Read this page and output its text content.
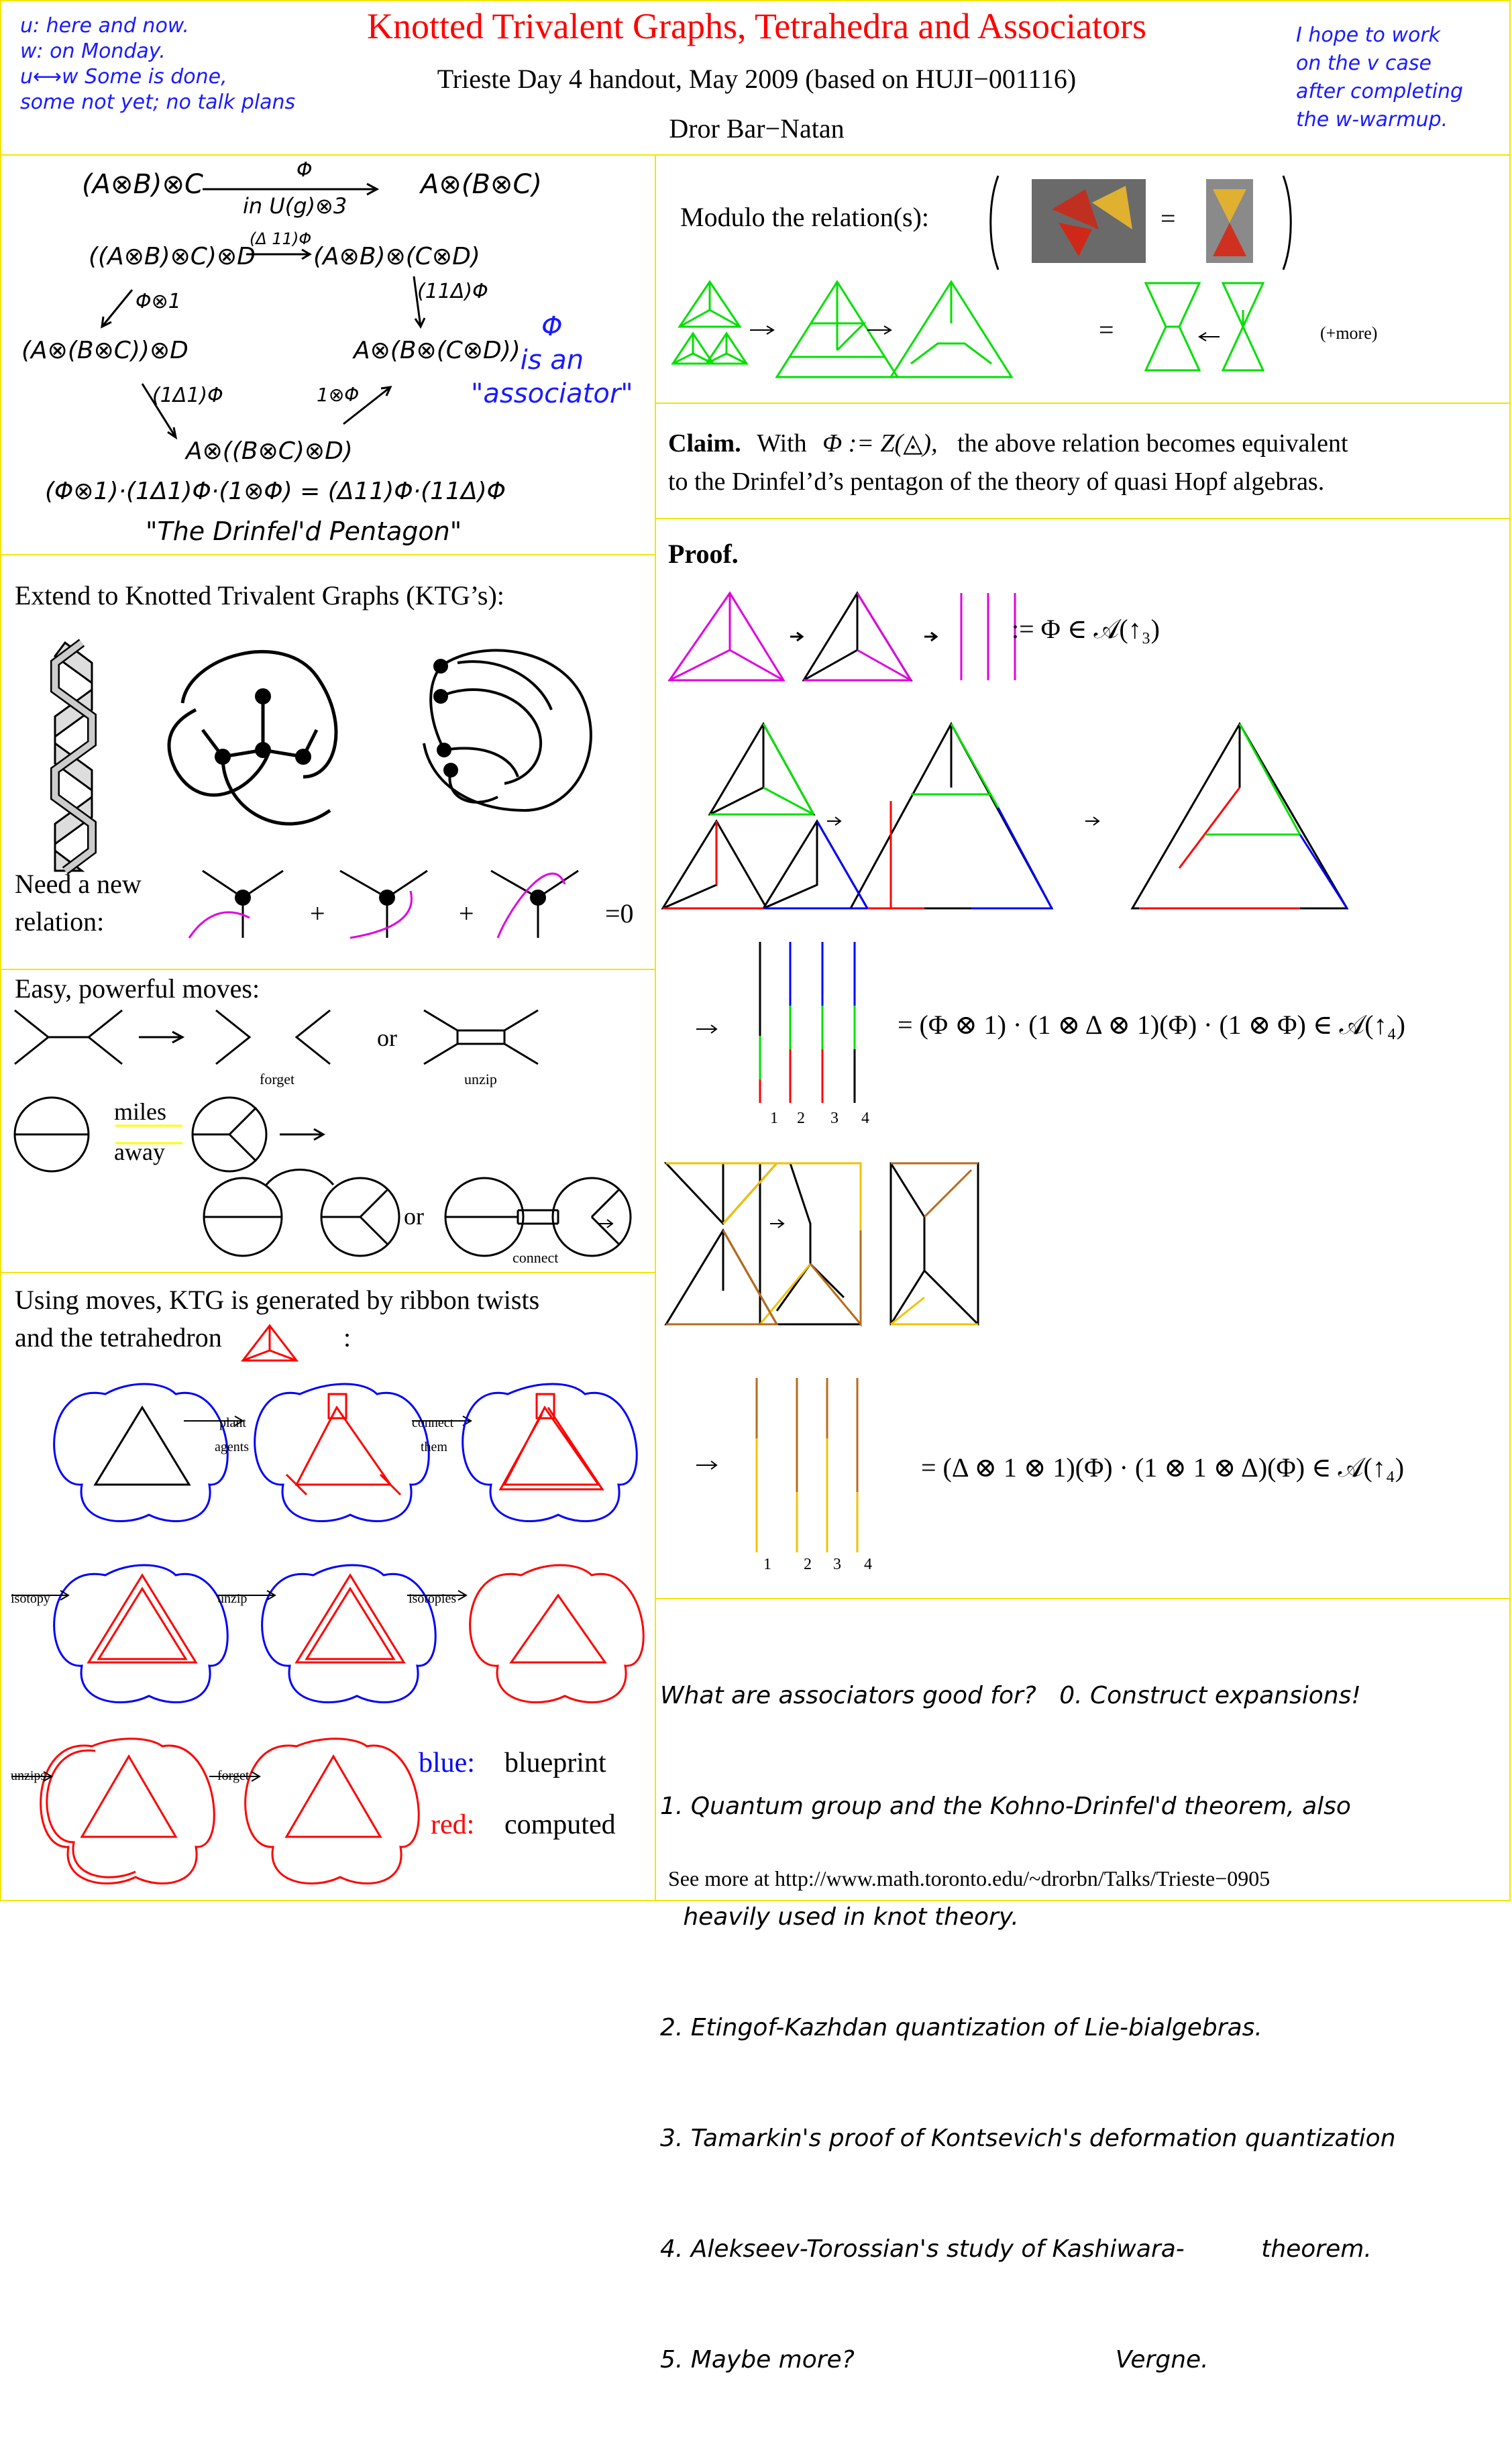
u: here and now.
w: on Monday.
u⟷w Some is done,
some not yet; no talk plans
Knotted Trivalent Graphs, Tetrahedra and Associators
Trieste Day 4 handout, May 2009 (based on HUJI−001116)
Dror Bar−Natan
I hope to work
on the v case
after completing
the w-warmup.
(A⊗B)⊗C	Φ
in U(g)⊗3
A⊗(B⊗C)
((A⊗B)⊗C)⊗D
(Δ 11)Φ
(A⊗B)⊗(C⊗D)
Φ⊗1	(11Δ)Φ
(A⊗(B⊗C))⊗D	A⊗(B⊗(C⊗D))
(1Δ1)Φ	1⊗Φ
A⊗((B⊗C)⊗D)
(Φ⊗1)·(1Δ1)Φ·(1⊗Φ) = (Δ11)Φ·(11Δ)Φ
"The Drinfel'd Pentagon"
Φ
is an
"associator"
Extend to Knotted Trivalent Graphs (KTG’s):
Need a new
relation:	+	+	=0
Easy, powerful moves:
or
forget	unzip
miles
away
or
connect
Using moves, KTG is generated by ribbon twists
and the tetrahedron	:
plant
agents
connect
them
isotopy	unzip	isotopies
unzips	forget	blue: blueprint
red: computed
Modulo the relation(s):	=
=	(+more)
Claim. With Φ := Z(◬), the above relation becomes equivalent
to the Drinfel’d’s pentagon of the theory of quasi Hopf algebras.
Proof.
:= Φ ∈ 𝒜(↑₃)
= (Φ ⊗ 1) · (1 ⊗ Δ ⊗ 1)(Φ) · (1 ⊗ Φ) ∈ 𝒜(↑₄)
= (Δ ⊗ 1 ⊗ 1)(Φ) · (1 ⊗ 1 ⊗ Δ)(Φ) ∈ 𝒜(↑₄)
1 2 3 4
1 2 3 4

What are associators good for?   0. Construct expansions!

1. Quantum group and the Kohno-Drinfel'd theorem, also

heavily used in knot theory.

2. Etingof-Kazhdan quantization of Lie-bialgebras.

3. Tamarkin's proof of Kontsevich's deformation quantization

4. Alekseev-Torossian's study of Kashiwara-          theorem.

5. Maybe more?                                  Vergne.

See more at http://www.math.toronto.edu/~drorbn/Talks/Trieste−0905
